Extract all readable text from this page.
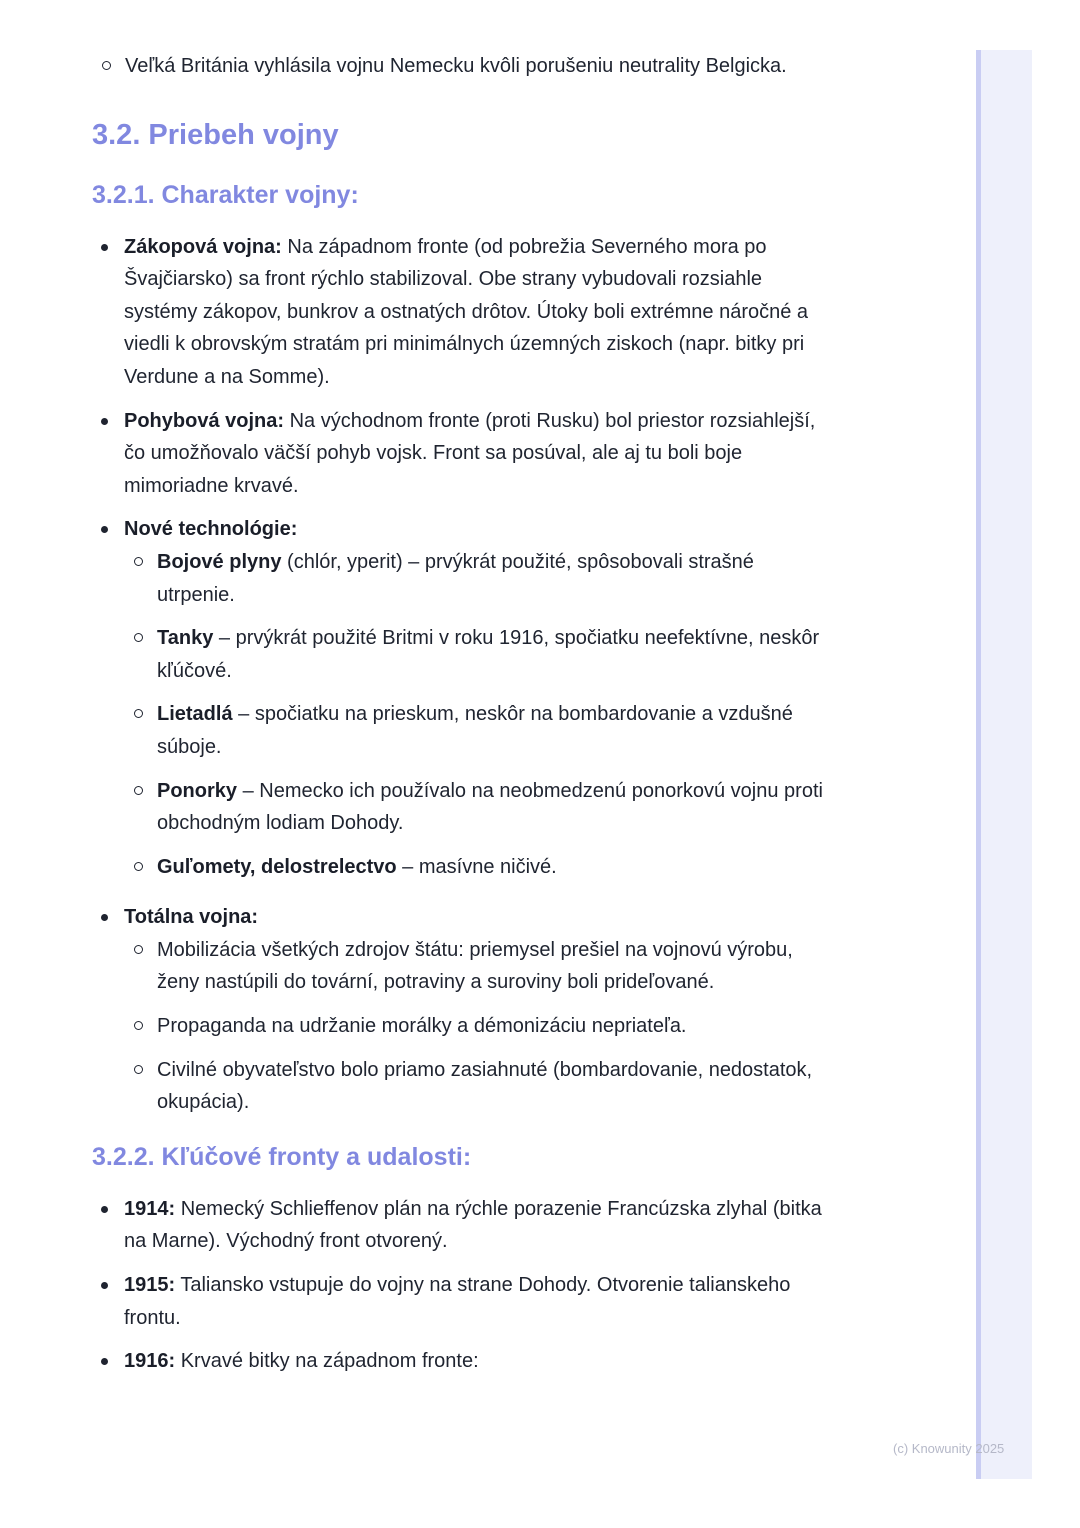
Veľká Británia vyhlásila vojnu Nemecku kvôli porušeniu neutrality Belgicka.
3.2. Priebeh vojny
3.2.1. Charakter vojny:
Zákopová vojna: Na západnom fronte (od pobrežia Severného mora po Švajčiarsko) sa front rýchlo stabilizoval. Obe strany vybudovali rozsiahle systémy zákopov, bunkrov a ostnatých drôtov. Útoky boli extrémne náročné a viedli k obrovským stratám pri minimálnych územných ziskoch (napr. bitky pri Verdune a na Somme).
Pohybová vojna: Na východnom fronte (proti Rusku) bol priestor rozsiahlejší, čo umožňovalo väčší pohyb vojsk. Front sa posúval, ale aj tu boli boje mimoriadne krvavé.
Nové technológie:
Bojové plyny (chlór, yperit) – prvýkrát použité, spôsobovali strašné utrpenie.
Tanky – prvýkrát použité Britmi v roku 1916, spočiatku neefektívne, neskôr kľúčové.
Lietadlá – spočiatku na prieskum, neskôr na bombardovanie a vzdušné súboje.
Ponorky – Nemecko ich používalo na neobmedzenú ponorkovú vojnu proti obchodným lodiam Dohody.
Guľomety, delostrelectvo – masívne ničivé.
Totálna vojna:
Mobilizácia všetkých zdrojov štátu: priemysel prešiel na vojnovú výrobu, ženy nastúpili do tovární, potraviny a suroviny boli prideľované.
Propaganda na udržanie morálky a démonizáciu nepriateľa.
Civilné obyvateľstvo bolo priamo zasiahnuté (bombardovanie, nedostatok, okupácia).
3.2.2. Kľúčové fronty a udalosti:
1914: Nemecký Schlieffenov plán na rýchle porazenie Francúzska zlyhal (bitka na Marne). Východný front otvorený.
1915: Taliansko vstupuje do vojny na strane Dohody. Otvorenie talianskeho frontu.
1916: Krvavé bitky na západnom fronte:
(c) Knowunity 2025
